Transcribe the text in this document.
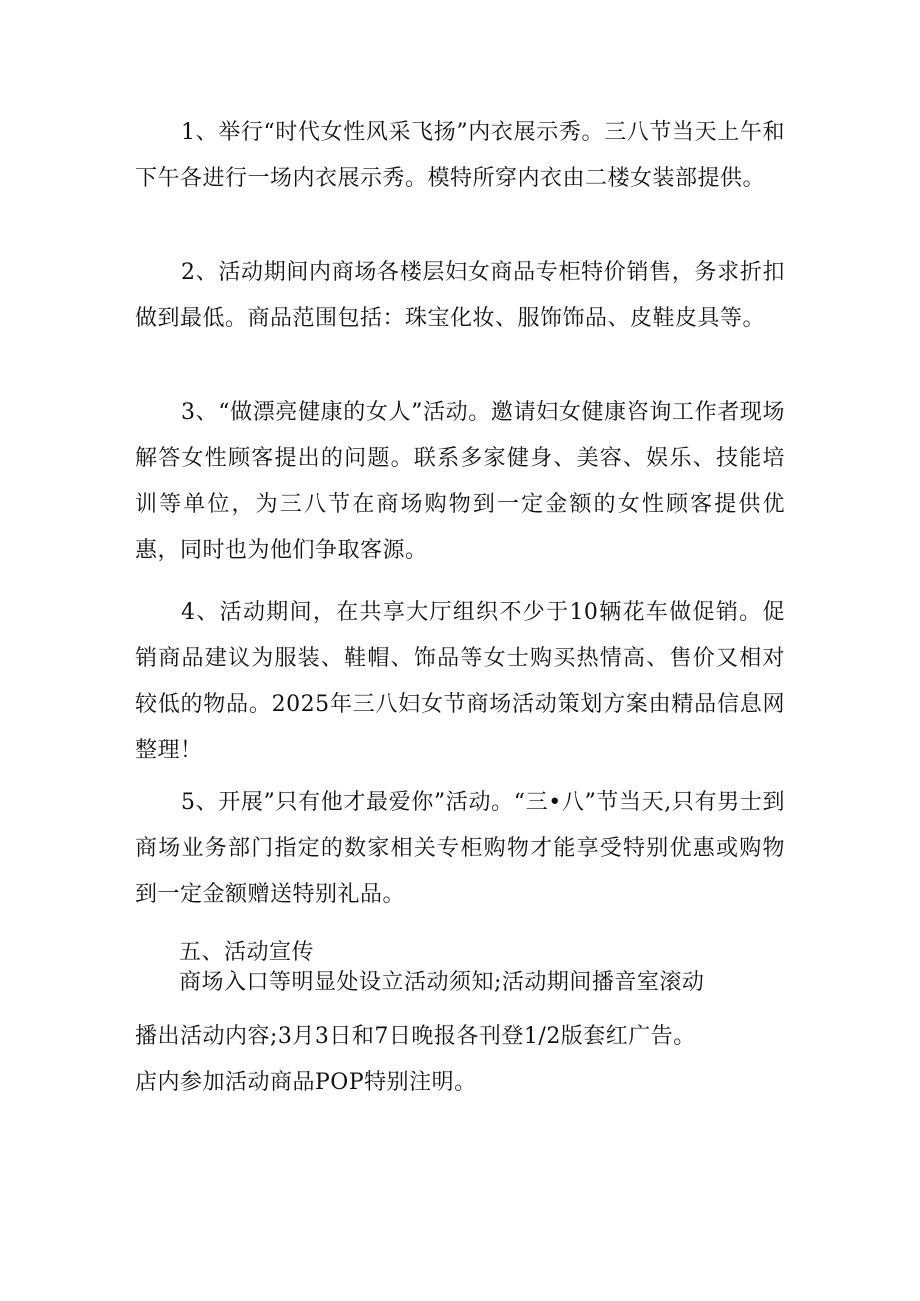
1、举行“时代女性风采飞扬”内衣展示秀。三八节当天上午和下午各进行一场内衣展示秀。模特所穿内衣由二楼女装部提供。

2、活动期间内商场各楼层妇女商品专柜特价销售，务求折扣做到最低。商品范围包括：珠宝化妆、服饰饰品、皮鞋皮具等。

3、“做漂亮健康的女人”活动。邀请妇女健康咨询工作者现场解答女性顾客提出的问题。联系多家健身、美容、娱乐、技能培训等单位，为三八节在商场购物到一定金额的女性顾客提供优惠，同时也为他们争取客源。

4、活动期间，在共享大厅组织不少于10辆花车做促销。促销商品建议为服装、鞋帽、饰品等女士购买热情高、售价又相对较低的物品。2025年三八妇女节商场活动策划方案由精品信息网整理！

5、开展”只有他才最爱你”活动。“三•八”节当天,只有男士到商场业务部门指定的数家相关专柜购物才能享受特别优惠或购物到一定金额赠送特别礼品。

五、活动宣传

商场入口等明显处设立活动须知;活动期间播音室滚动

播出活动内容;3月3日和7日晚报各刊登1/2版套红广告。

店内参加活动商品POP特别注明。
